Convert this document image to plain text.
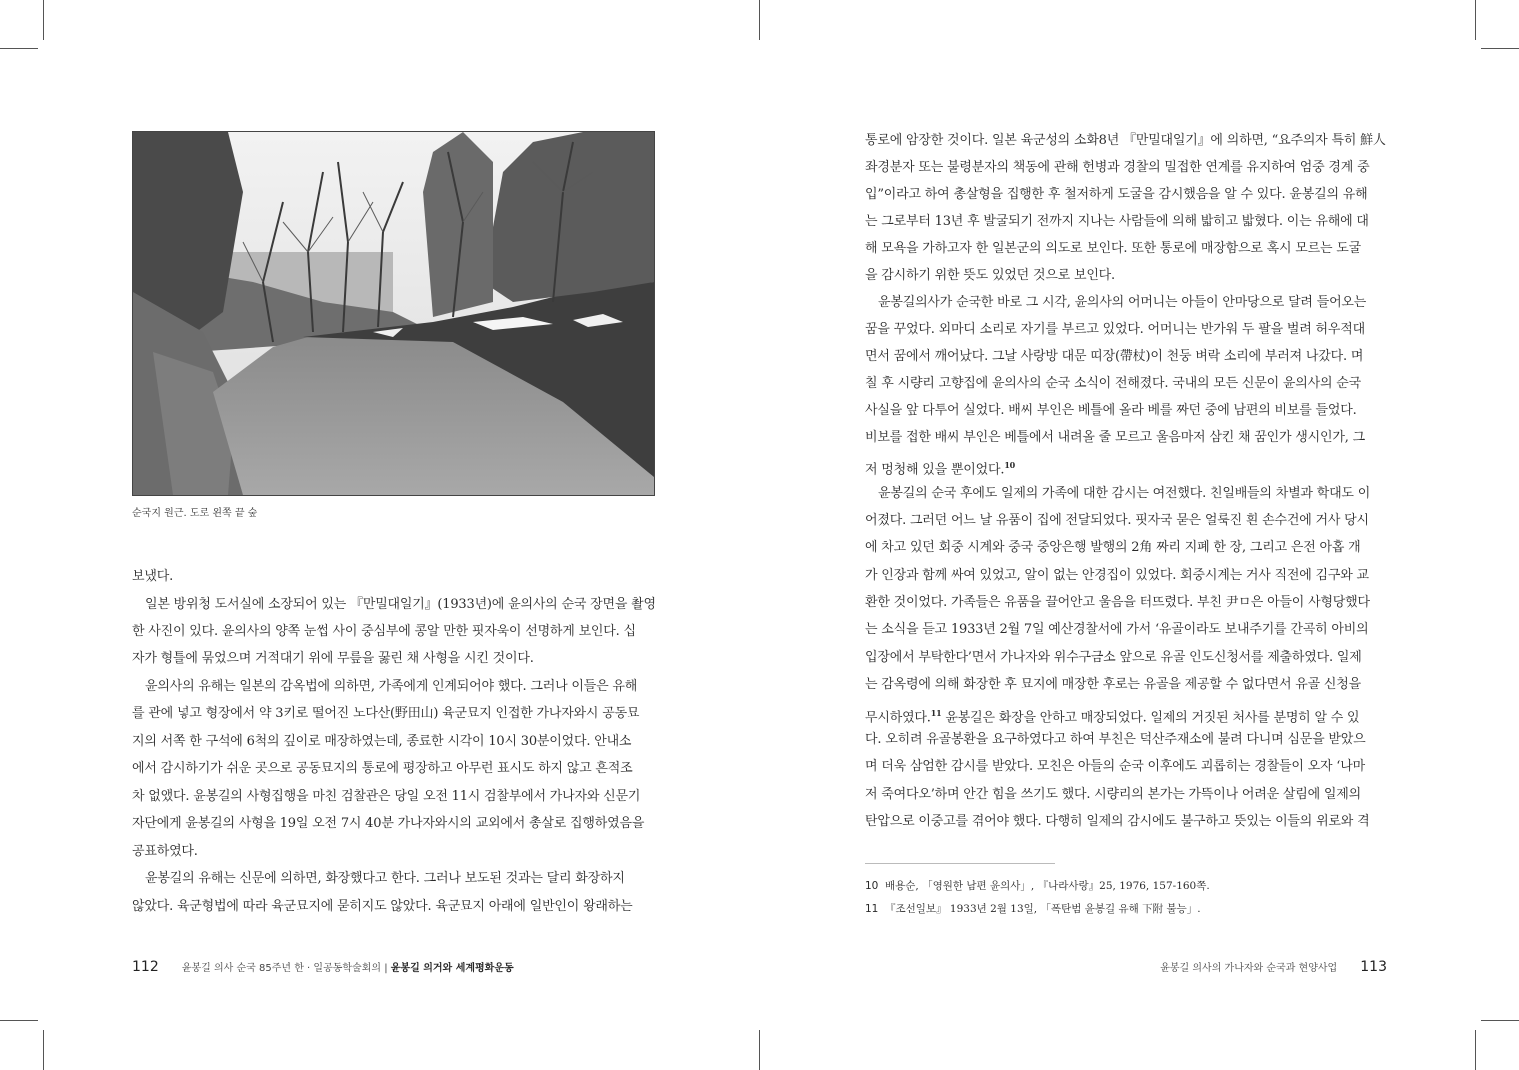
순국지 원근. 도로 왼쪽 끝 숲
보냈다.
일본 방위청 도서실에 소장되어 있는 『만밀대일기』(1933년)에 윤의사의 순국 장면을 촬영
한 사진이 있다. 윤의사의 양쪽 눈썹 사이 중심부에 콩알 만한 핏자욱이 선명하게 보인다. 십
자가 형틀에 묶었으며 거적대기 위에 무릎을 꿇린 채 사형을 시킨 것이다.
윤의사의 유해는 일본의 감옥법에 의하면, 가족에게 인계되어야 했다. 그러나 이들은 유해
를 관에 넣고 형장에서 약 3키로 떨어진 노다산(野田山) 육군묘지 인접한 가나자와시 공동묘
지의 서쪽 한 구석에 6척의 깊이로 매장하였는데, 종료한 시각이 10시 30분이었다. 안내소
에서 감시하기가 쉬운 곳으로 공동묘지의 통로에 평장하고 아무런 표시도 하지 않고 흔적조
차 없앴다. 윤봉길의 사형집행을 마친 검찰관은 당일 오전 11시 검찰부에서 가나자와 신문기
자단에게 윤봉길의 사형을 19일 오전 7시 40분 가나자와시의 교외에서 총살로 집행하였음을
공표하였다.
윤봉길의 유해는 신문에 의하면, 화장했다고 한다. 그러나 보도된 것과는 달리 화장하지
않았다. 육군형법에 따라 육군묘지에 묻히지도 않았다. 육군묘지 아래에 일반인이 왕래하는
112 윤봉길 의사 순국 85주년 한 · 일공동학술회의 | 윤봉길 의거와 세계평화운동
통로에 암장한 것이다. 일본 육군성의 소화8년 『만밀대일기』에 의하면, “요주의자 특히 鮮人
좌경분자 또는 불령분자의 책동에 관해 헌병과 경찰의 밀접한 연계를 유지하여 엄중 경계 중
입”이라고 하여 총살형을 집행한 후 철저하게 도굴을 감시했음을 알 수 있다. 윤봉길의 유해
는 그로부터 13년 후 발굴되기 전까지 지나는 사람들에 의해 밟히고 밟혔다. 이는 유해에 대
해 모욕을 가하고자 한 일본군의 의도로 보인다. 또한 통로에 매장함으로 혹시 모르는 도굴
을 감시하기 위한 뜻도 있었던 것으로 보인다.
윤봉길의사가 순국한 바로 그 시각, 윤의사의 어머니는 아들이 안마당으로 달려 들어오는
꿈을 꾸었다. 외마디 소리로 자기를 부르고 있었다. 어머니는 반가워 두 팔을 벌려 허우적대
면서 꿈에서 깨어났다. 그날 사랑방 대문 띠장(帶杖)이 천둥 벼락 소리에 부러져 나갔다. 며
칠 후 시량리 고향집에 윤의사의 순국 소식이 전해졌다. 국내의 모든 신문이 윤의사의 순국
사실을 앞 다투어 실었다. 배씨 부인은 베틀에 올라 베를 짜던 중에 남편의 비보를 들었다.
비보를 접한 배씨 부인은 베틀에서 내려올 줄 모르고 울음마저 삼킨 채 꿈인가 생시인가, 그
저 멍청해 있을 뿐이었다.$^{10}$
윤봉길의 순국 후에도 일제의 가족에 대한 감시는 여전했다. 친일배들의 차별과 학대도 이
어졌다. 그러던 어느 날 유품이 집에 전달되었다. 핏자국 묻은 얼룩진 흰 손수건에 거사 당시
에 차고 있던 회중 시계와 중국 중앙은행 발행의 2角 짜리 지폐 한 장, 그리고 은전 아홉 개
가 인장과 함께 싸여 있었고, 알이 없는 안경집이 있었다. 회중시계는 거사 직전에 김구와 교
환한 것이었다. 가족들은 유품을 끌어안고 울음을 터뜨렸다. 부친 尹ㅁ은 아들이 사형당했다
는 소식을 듣고 1933년 2월 7일 예산경찰서에 가서 ‘유골이라도 보내주기를 간곡히 아비의
입장에서 부탁한다’면서 가나자와 위수구금소 앞으로 유골 인도신청서를 제출하였다. 일제
는 감옥령에 의해 화장한 후 묘지에 매장한 후로는 유골을 제공할 수 없다면서 유골 신청을
무시하였다.$^{11}$ 윤봉길은 화장을 안하고 매장되었다. 일제의 거짓된 처사를 분명히 알 수 있
다. 오히려 유골봉환을 요구하였다고 하여 부친은 덕산주재소에 불려 다니며 심문을 받았으
며 더욱 삼엄한 감시를 받았다. 모친은 아들의 순국 이후에도 괴롭히는 경찰들이 오자 ‘나마
저 죽여다오’하며 안간 힘을 쓰기도 했다. 시량리의 본가는 가뜩이나 어려운 살림에 일제의
탄압으로 이중고를 겪어야 했다. 다행히 일제의 감시에도 불구하고 뜻있는 이들의 위로와 격
10 배용순, 「영원한 남편 윤의사」, 『나라사랑』25, 1976, 157-160쪽.
11 『조선일보』 1933년 2월 13일, 「폭탄범 윤봉길 유해 下附 불능」.
윤봉길 의사의 가나자와 순국과 현양사업 113
